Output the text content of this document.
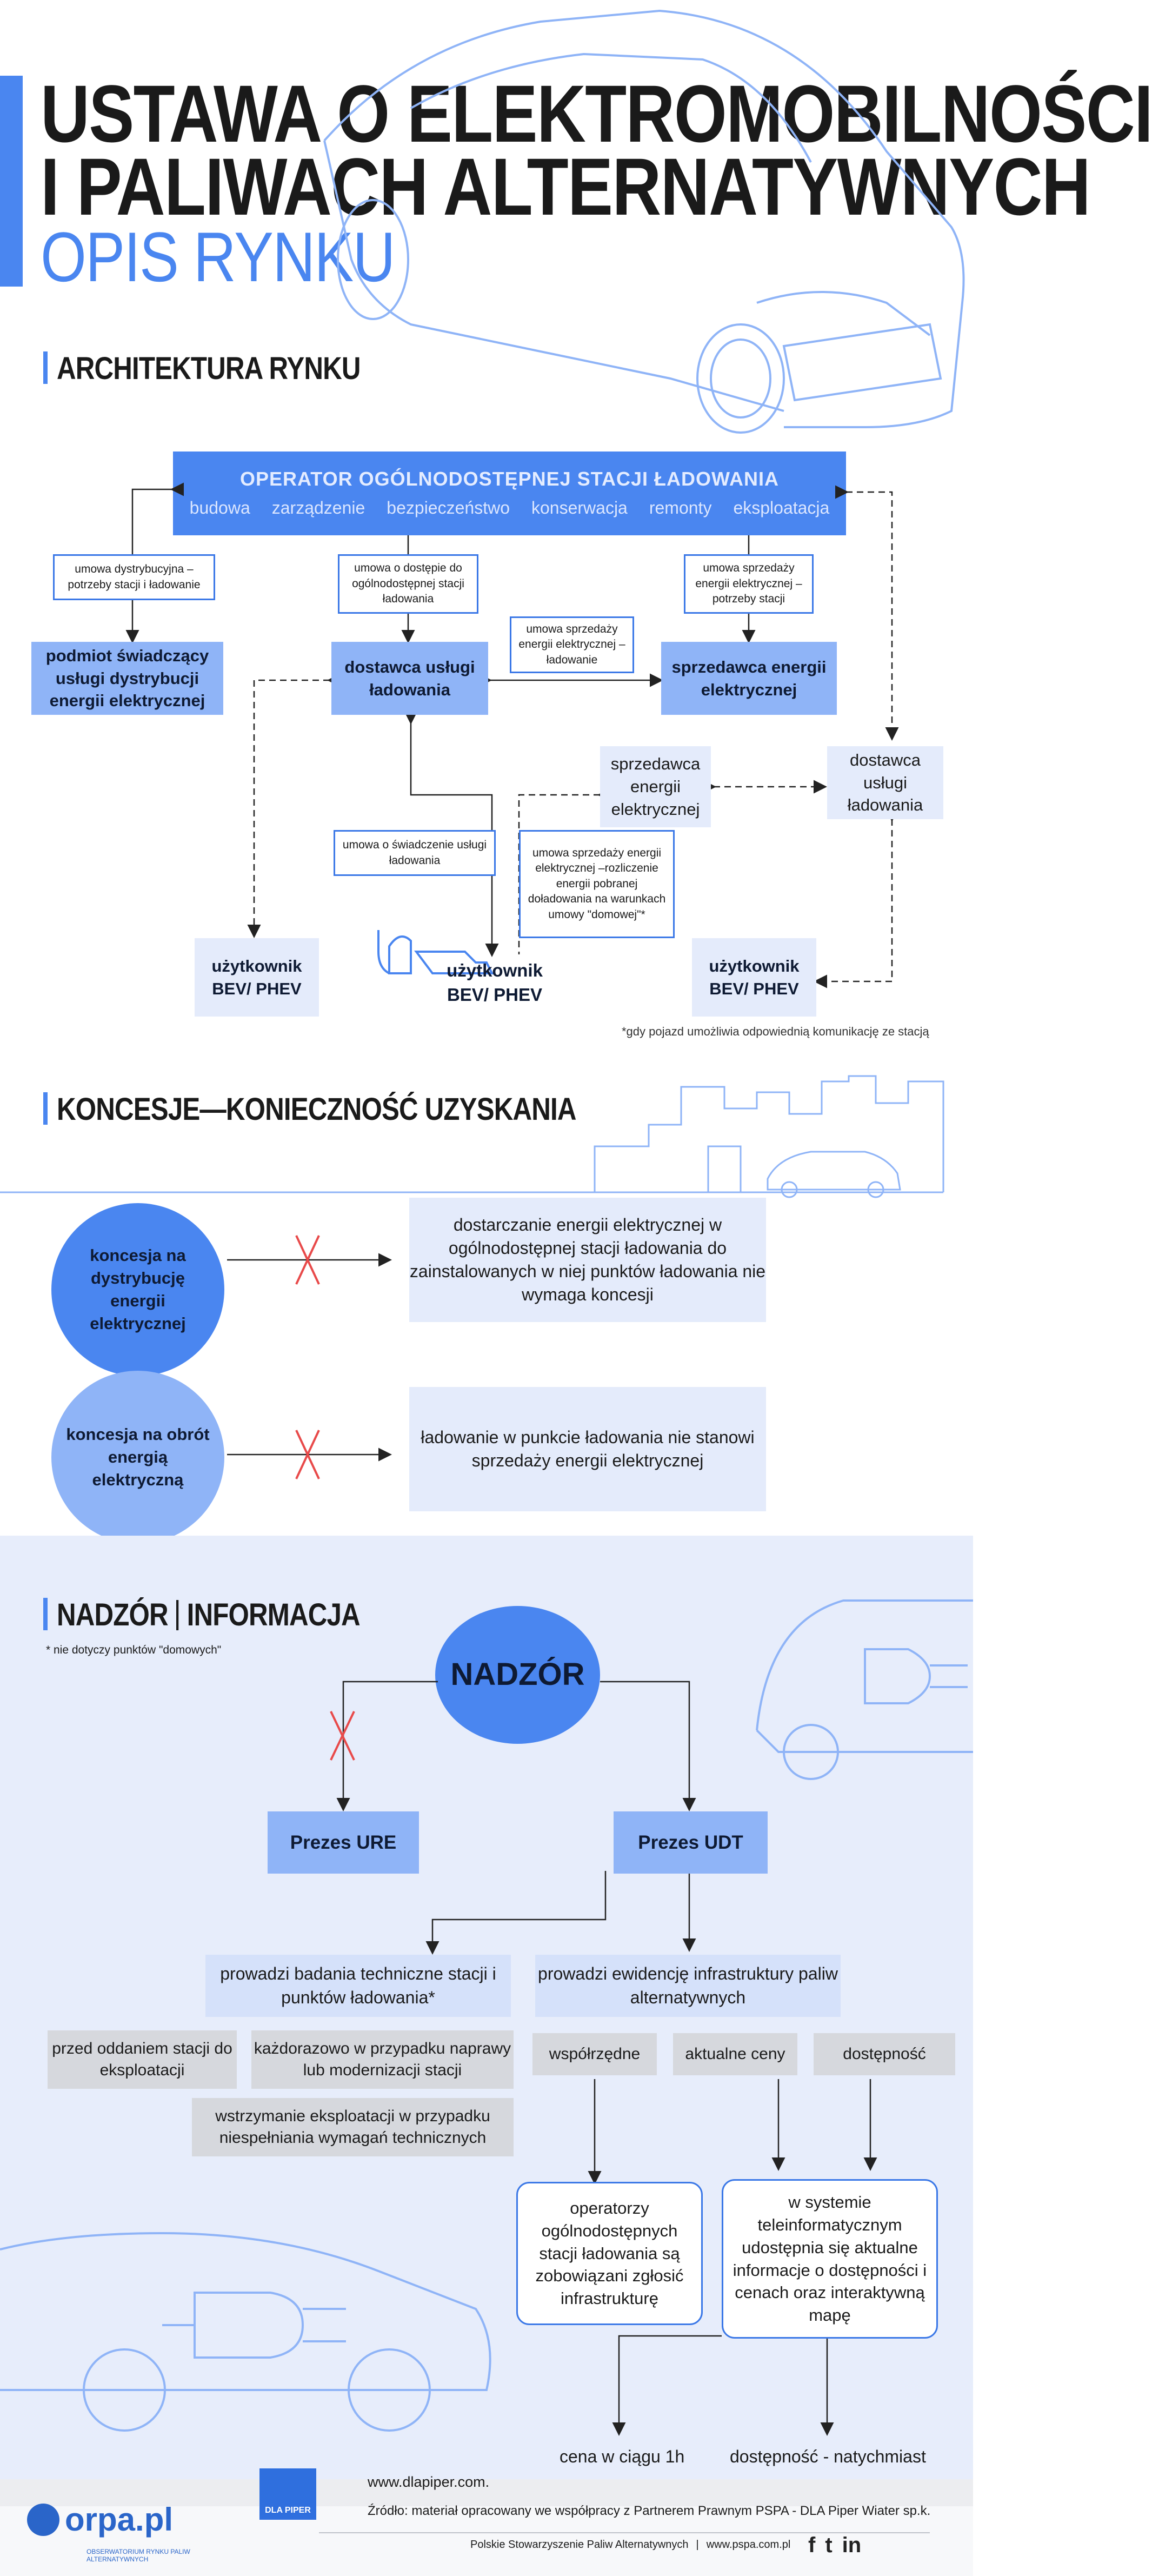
USTAWA O ELEKTROMOBILNOŚCI
I PALIWACH ALTERNATYWNYCH
OPIS RYNKU
ARCHITEKTURA RYNKU
OPERATOR OGÓLNODOSTĘPNEJ STACJI ŁADOWANIA
budowa zarządzenie bezpieczeństwo konserwacja remonty eksploatacja
umowa dystrybucyjna – potrzeby stacji i ładowanie
umowa o dostępie do ogólnodostępnej stacji ładowania
umowa sprzedaży energii elektrycznej – potrzeby stacji
umowa sprzedaży energii elektrycznej – ładowanie
podmiot świadczący usługi dystrybucji energii elektrycznej
dostawca usługi ładowania
sprzedawca energii elektrycznej
sprzedawca energii elektrycznej
dostawca usługi ładowania
umowa o świadczenie usługi ładowania
umowa sprzedaży energii elektrycznej –rozliczenie energii pobranej doładowania na warunkach umowy "domowej"*
użytkownik BEV/ PHEV
użytkownik BEV/ PHEV
użytkownik BEV/ PHEV
*gdy pojazd umożliwia odpowiednią komunikację ze stacją
KONCESJE—KONIECZNOŚĆ UZYSKANIA
koncesja na dystrybucję energii elektrycznej
koncesja na obrót energią elektryczną
dostarczanie energii elektrycznej w ogólnodostępnej stacji ładowania do zainstalowanych w niej punktów ładowania nie wymaga koncesji
ładowanie w punkcie ładowania nie stanowi sprzedaży energii elektrycznej
NADZÓR INFORMACJA
* nie dotyczy punktów "domowych"
NADZÓR
Prezes URE	Prezes UDT
prowadzi badania techniczne stacji i punktów ładowania*
prowadzi ewidencję infrastruktury paliw alternatywnych
przed oddaniem stacji do eksploatacji
każdorazowo w przypadku naprawy lub modernizacji stacji
wstrzymanie eksploatacji w przypadku niespełniania wymagań technicznych
współrzędne	aktualne ceny	dostępność
operatorzy ogólnodostępnych stacji ładowania są zobowiązani zgłosić infrastrukturę
w systemie teleinformatycznym udostępnia się aktualne informacje o dostępności i cenach oraz interaktywną mapę
cena w ciągu 1h	dostępność - natychmiast
orpa.pl
OBSERWATORIUM RYNKU PALIW ALTERNATYWNYCH
DLA PIPER
www.dlapiper.com.
Źródło: materiał opracowany we współpracy z Partnerem Prawnym PSPA - DLA Piper Wiater sp.k.
Polskie Stowarzyszenie Paliw Alternatywnych | www.pspa.com.pl f t in
